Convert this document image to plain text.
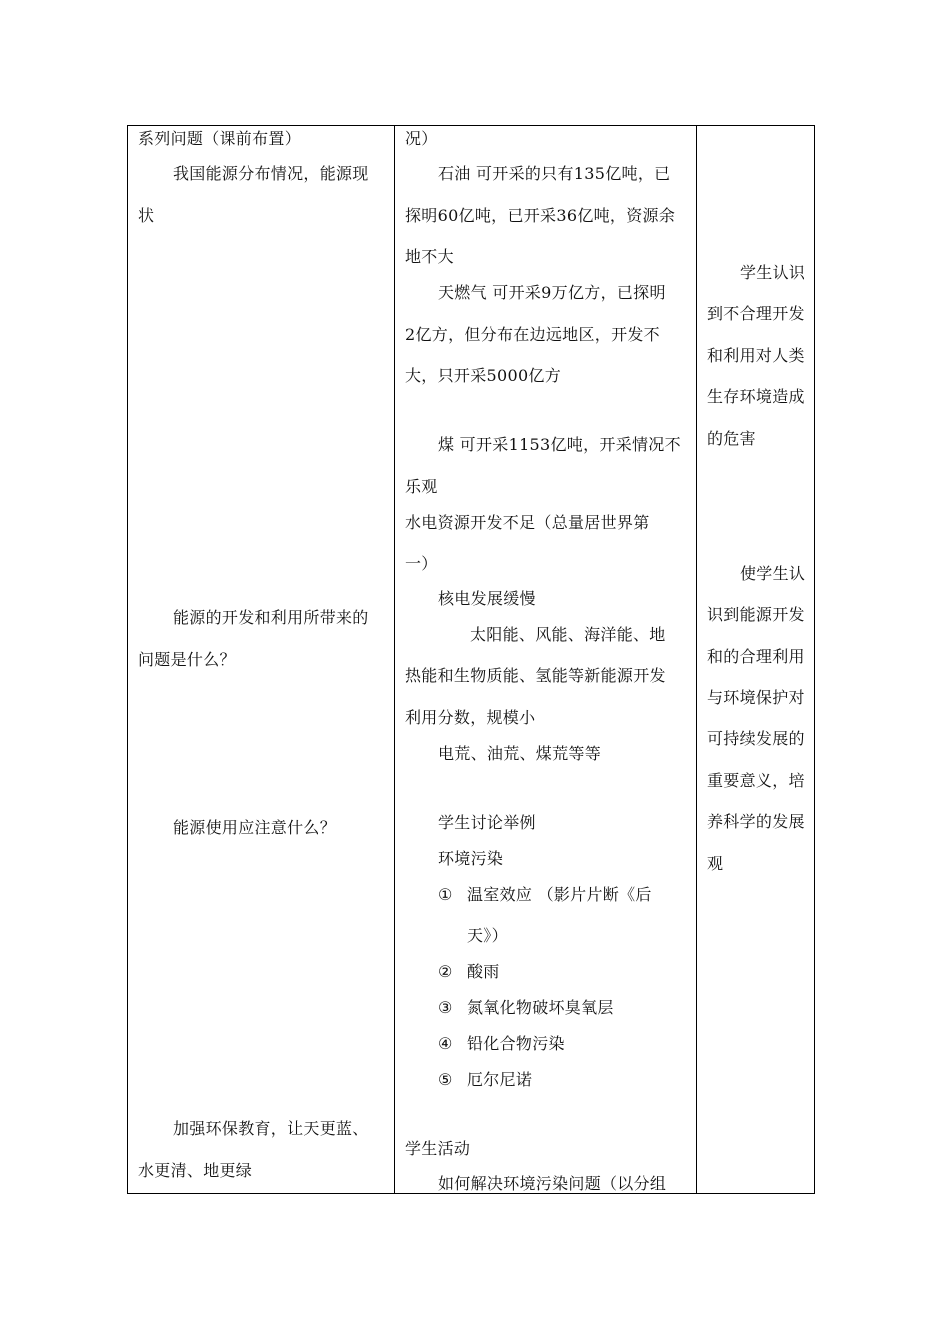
系列问题（课前布置）
我国能源分布情况，能源现
状
能源的开发和利用所带来的
问题是什么？
能源使用应注意什么？
加强环保教育，让天更蓝、
水更清、地更绿
况）
石油 可开采的只有135亿吨，已
探明60亿吨，已开采36亿吨，资源余
地不大
天燃气 可开采9万亿方，已探明
2亿方，但分布在边远地区，开发不
大，只开采5000亿方
煤 可开采1153亿吨，开采情况不
乐观
水电资源开发不足（总量居世界第
一）
核电发展缓慢
太阳能、风能、海洋能、地
热能和生物质能、氢能等新能源开发
利用分数，规模小
电荒、油荒、煤荒等等
学生讨论举例
环境污染
① 温室效应 （影片片断《后
天》）
② 酸雨
③ 氮氧化物破坏臭氧层
④ 铅化合物污染
⑤ 厄尔尼诺
学生活动
如何解决环境污染问题（以分组
学生认识
到不合理开发
和利用对人类
生存环境造成
的危害
使学生认
识到能源开发
和的合理利用
与环境保护对
可持续发展的
重要意义，培
养科学的发展
观
